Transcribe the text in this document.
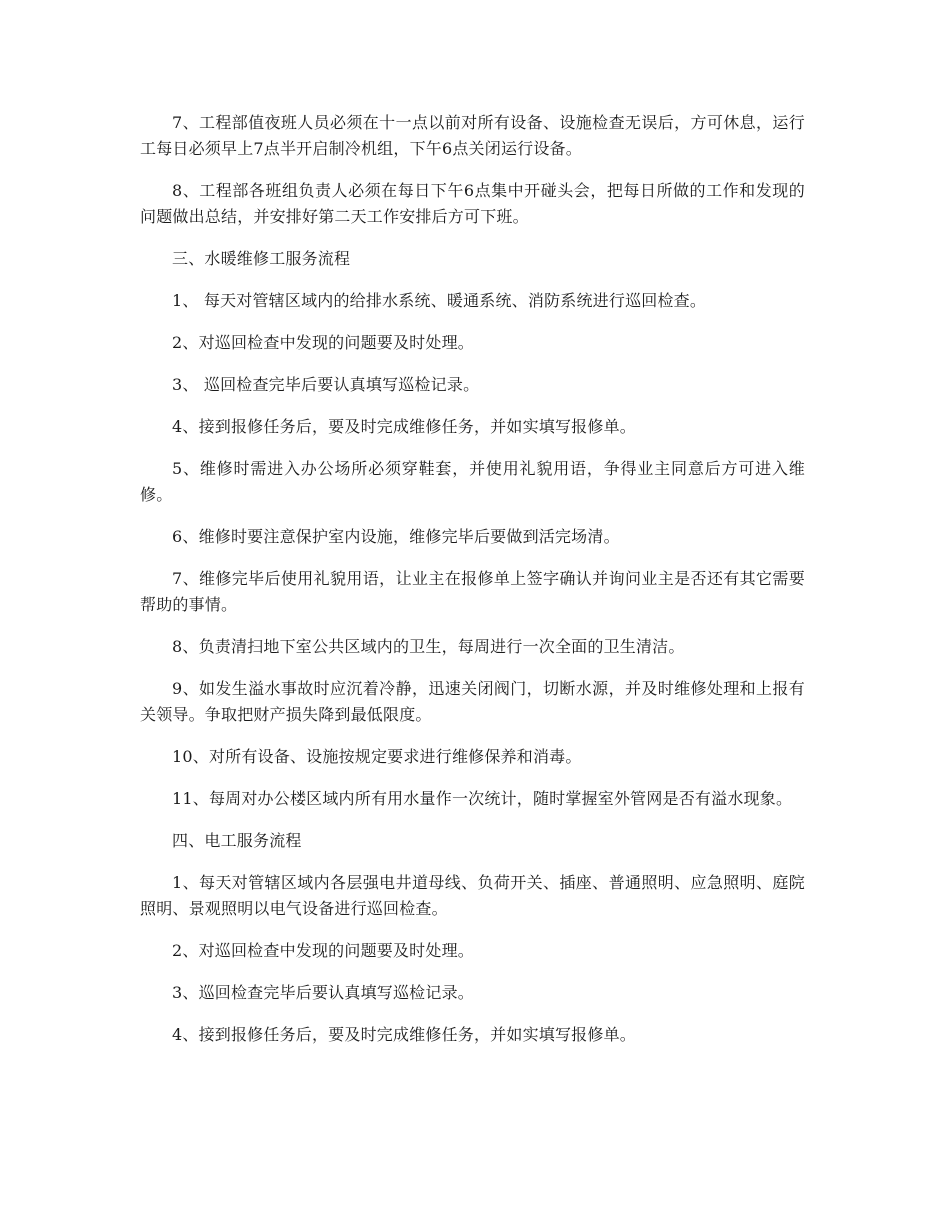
7、工程部值夜班人员必须在十一点以前对所有设备、设施检查无误后，方可休息，运行工每日必须早上7点半开启制冷机组，下午6点关闭运行设备。

8、工程部各班组负责人必须在每日下午6点集中开碰头会，把每日所做的工作和发现的问题做出总结，并安排好第二天工作安排后方可下班。

三、水暖维修工服务流程

1、 每天对管辖区域内的给排水系统、暖通系统、消防系统进行巡回检查。

2、对巡回检查中发现的问题要及时处理。

3、 巡回检查完毕后要认真填写巡检记录。

4、接到报修任务后，要及时完成维修任务，并如实填写报修单。

5、维修时需进入办公场所必须穿鞋套，并使用礼貌用语，争得业主同意后方可进入维修。

6、维修时要注意保护室内设施，维修完毕后要做到活完场清。

7、维修完毕后使用礼貌用语，让业主在报修单上签字确认并询问业主是否还有其它需要帮助的事情。

8、负责清扫地下室公共区域内的卫生，每周进行一次全面的卫生清洁。

9、如发生溢水事故时应沉着冷静，迅速关闭阀门，切断水源，并及时维修处理和上报有关领导。争取把财产损失降到最低限度。

10、对所有设备、设施按规定要求进行维修保养和消毒。

11、每周对办公楼区域内所有用水量作一次统计，随时掌握室外管网是否有溢水现象。

四、电工服务流程

1、每天对管辖区域内各层强电井道母线、负荷开关、插座、普通照明、应急照明、庭院照明、景观照明以电气设备进行巡回检查。

2、对巡回检查中发现的问题要及时处理。

3、巡回检查完毕后要认真填写巡检记录。

4、接到报修任务后，要及时完成维修任务，并如实填写报修单。
